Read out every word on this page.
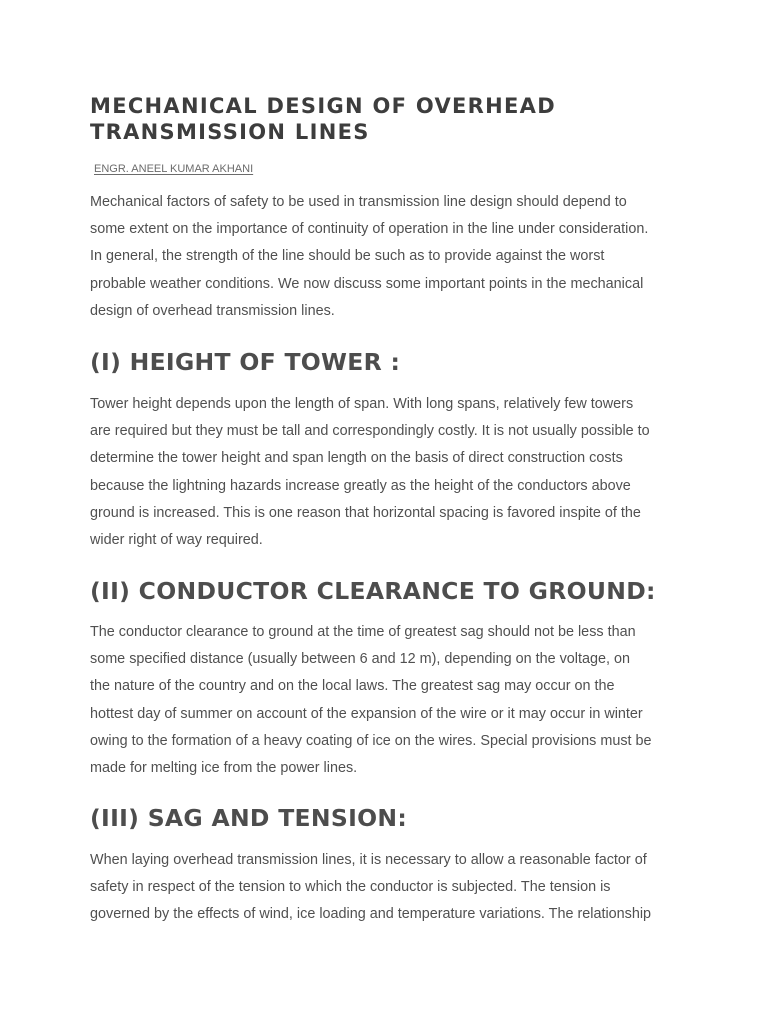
MECHANICAL DESIGN OF OVERHEAD
TRANSMISSION LINES
ENGR. ANEEL KUMAR AKHANI

Mechanical factors of safety to be used in transmission line design should depend to
some extent on the importance of continuity of operation in the line under consideration.
In general, the strength of the line should be such as to provide against the worst
probable weather conditions. We now discuss some important points in the mechanical
design of overhead transmission lines.

(I) HEIGHT OF TOWER :

Tower height depends upon the length of span. With long spans, relatively few towers
are required but they must be tall and correspondingly costly. It is not usually possible to
determine the tower height and span length on the basis of direct construction costs
because the lightning hazards increase greatly as the height of the conductors above
ground is increased. This is one reason that horizontal spacing is favored inspite of the
wider right of way required.

(II) CONDUCTOR CLEARANCE TO GROUND:

The conductor clearance to ground at the time of greatest sag should not be less than
some specified distance (usually between 6 and 12 m), depending on the voltage, on
the nature of the country and on the local laws. The greatest sag may occur on the
hottest day of summer on account of the expansion of the wire or it may occur in winter
owing to the formation of a heavy coating of ice on the wires. Special provisions must be
made for melting ice from the power lines.

(III) SAG AND TENSION:

When laying overhead transmission lines, it is necessary to allow a reasonable factor of
safety in respect of the tension to which the conductor is subjected. The tension is
governed by the effects of wind, ice loading and temperature variations. The relationship
